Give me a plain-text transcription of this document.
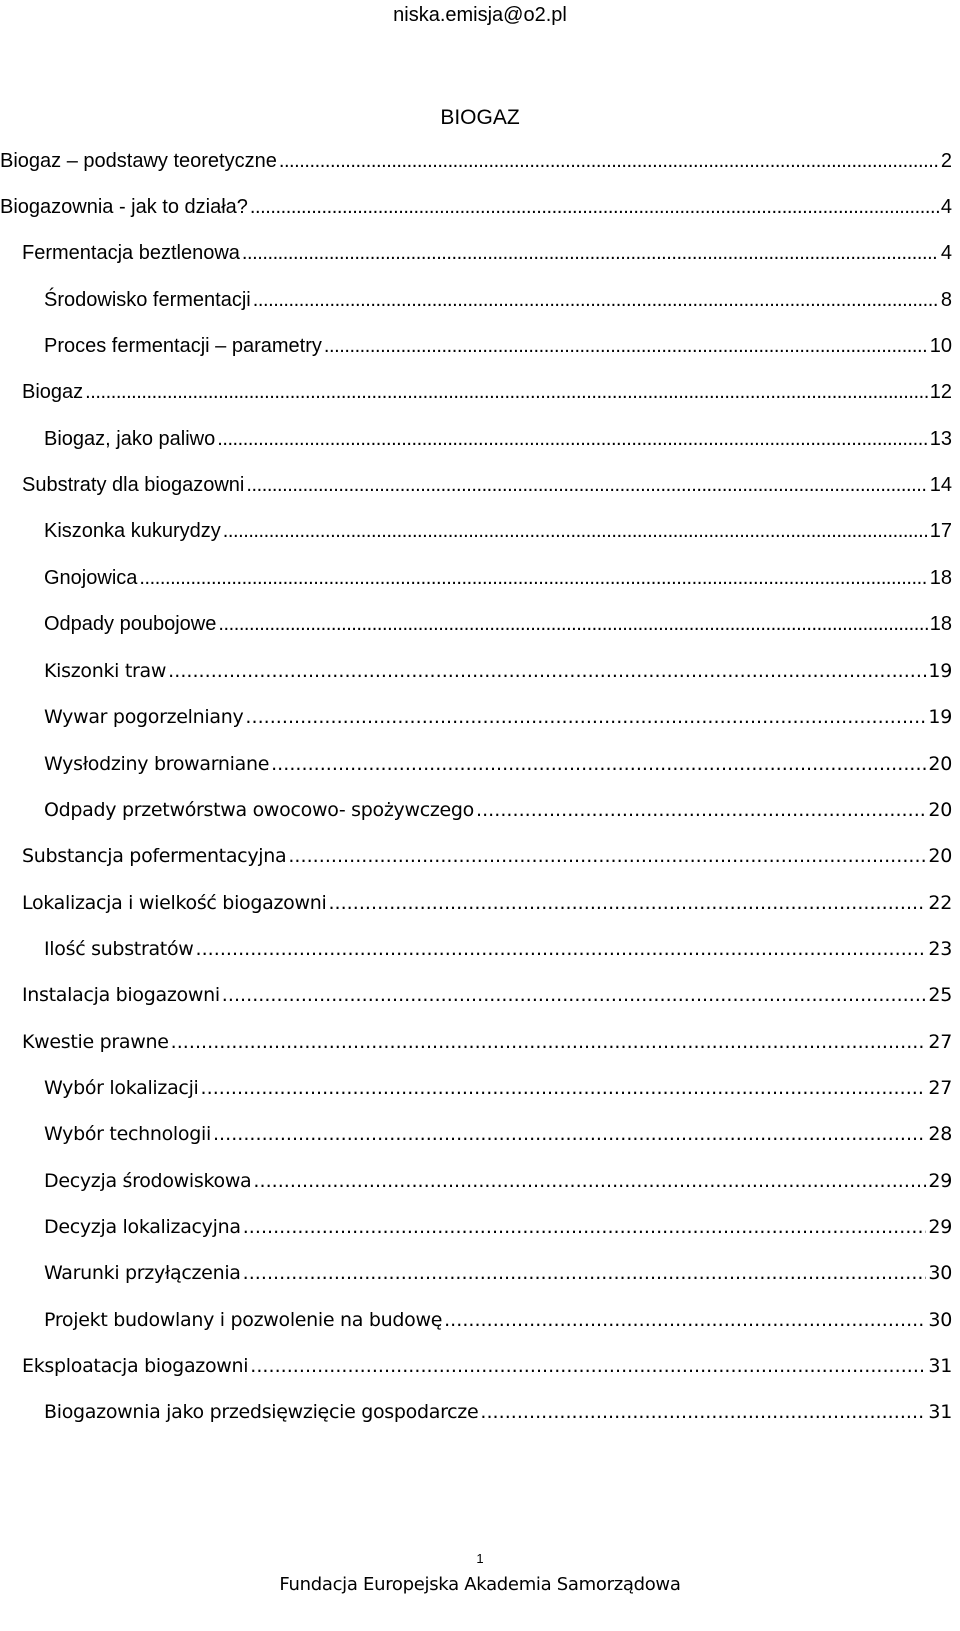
niska.emisja@o2.pl
BIOGAZ
Biogaz – podstawy teoretyczne . . .	2
Biogazownia - jak to działa? . . .	4
Fermentacja beztlenowa . . .	4
Środowisko fermentacji . . .	8
Proces fermentacji – parametry . . .	10
Biogaz . . .	12
Biogaz, jako paliwo . . .	13
Substraty dla biogazowni . . .	14
Kiszonka kukurydzy . . .	17
Gnojowica . . .	18
Odpady poubojowe . . .	18
Kiszonki traw . . .	19
Wywar pogorzelniany . . .	19
Wysłodziny browarniane . . .	20
Odpady przetwórstwa owocowo- spożywczego . . .	20
Substancja pofermentacyjna . . .	20
Lokalizacja i wielkość biogazowni . . .	22
Ilość substratów . . .	23
Instalacja biogazowni . . .	25
Kwestie prawne . . .	27
Wybór lokalizacji . . .	27
Wybór technologii . . .	28
Decyzja środowiskowa . . .	29
Decyzja lokalizacyjna . . .	29
Warunki przyłączenia . . .	30
Projekt budowlany i pozwolenie na budowę . . .	30
Eksploatacja biogazowni . . .	31
Biogazownia jako przedsięwzięcie gospodarcze . . .	31
1
Fundacja Europejska Akademia Samorządowa
